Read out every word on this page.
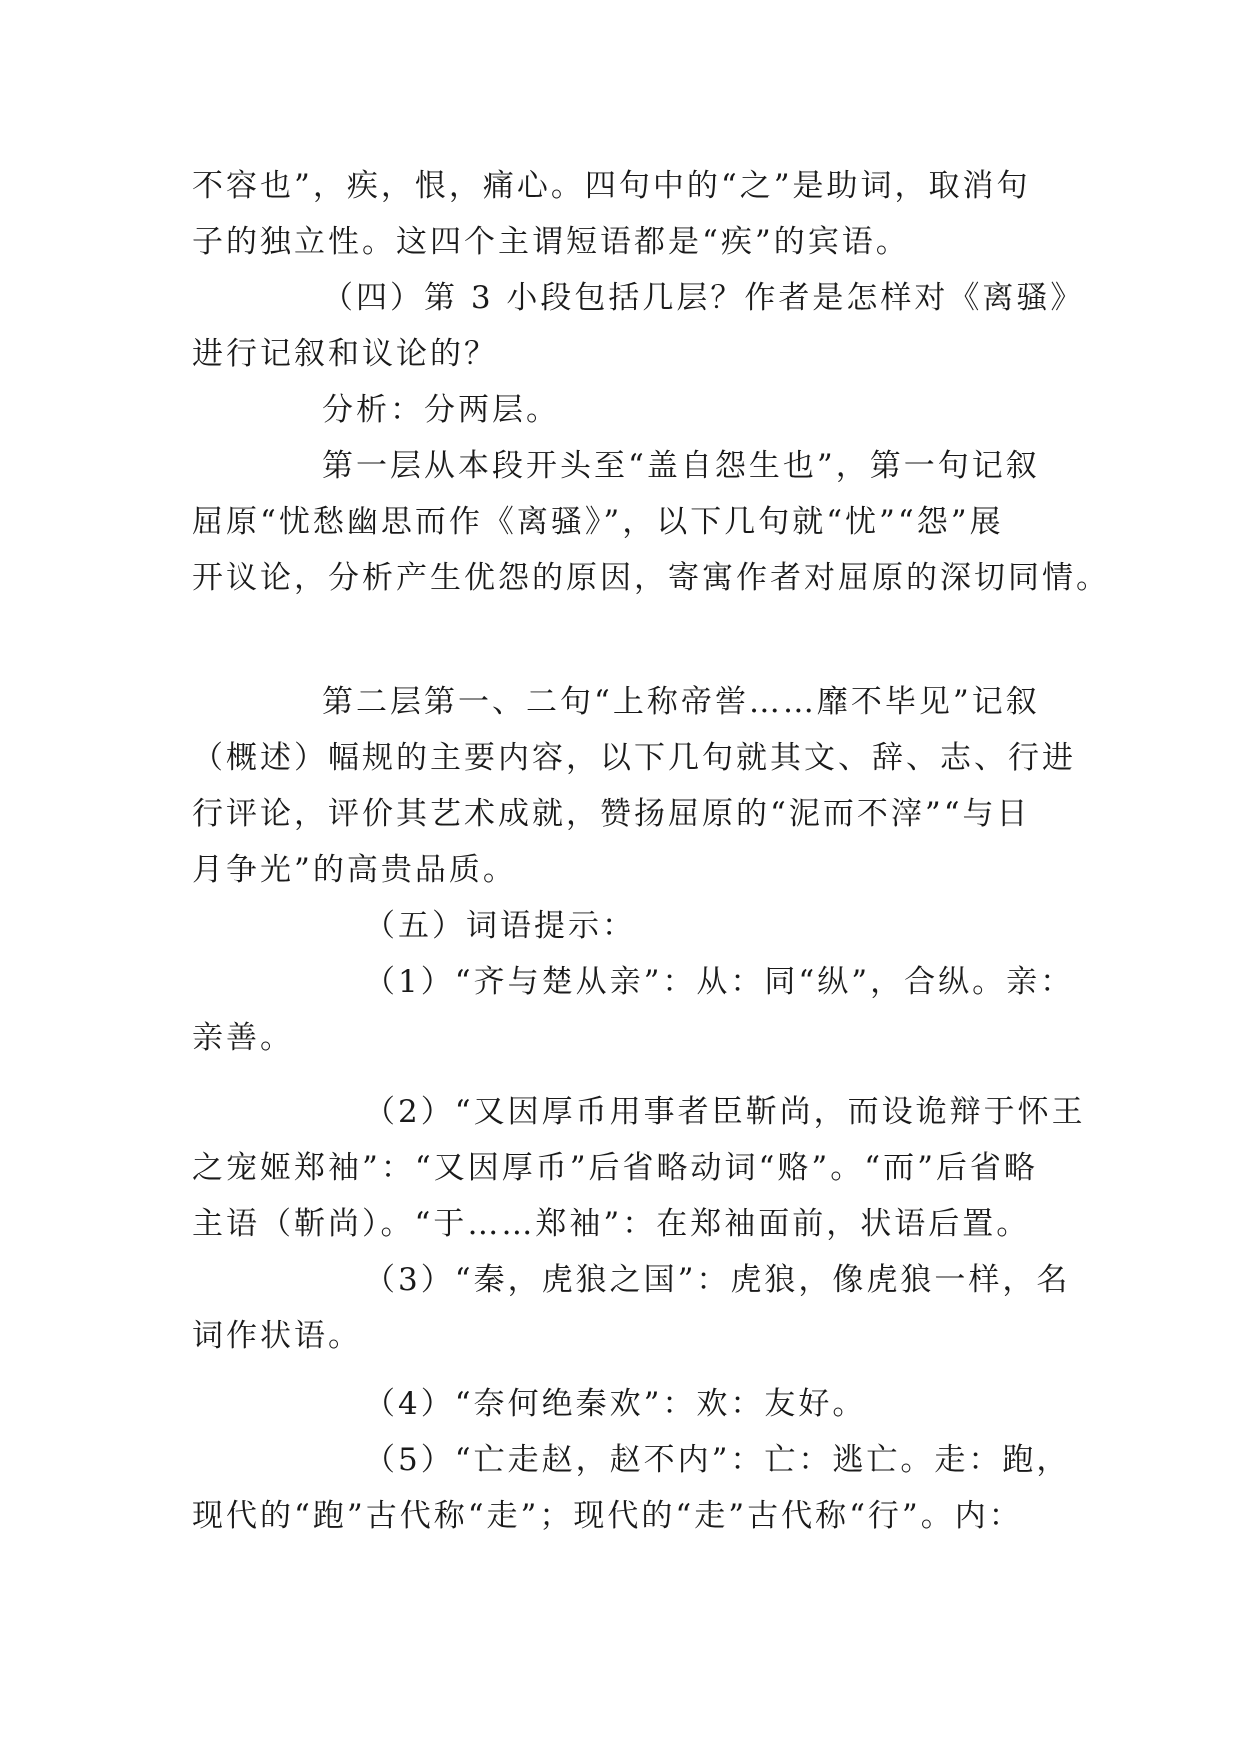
不容也”，疾，恨，痛心。四句中的“之”是助词，取消句
子的独立性。这四个主谓短语都是“疾”的宾语。
（四）第 3 小段包括几层？作者是怎样对《离骚》
进行记叙和议论的？
分析：分两层。
第一层从本段开头至“盖自怨生也”，第一句记叙
屈原“忧愁幽思而作《离骚》”，以下几句就“忧”“怨”展
开议论，分析产生优怨的原因，寄寓作者对屈原的深切同情。
第二层第一、二句“上称帝喾……靡不毕见”记叙
（概述）幅规的主要内容，以下几句就其文、辞、志、行进
行评论，评价其艺术成就，赞扬屈原的“泥而不滓”“与日
月争光”的高贵品质。
（五）词语提示：
（1）“齐与楚从亲”：从：同“纵”，合纵。亲：
亲善。
（2）“又因厚币用事者臣靳尚，而设诡辩于怀王
之宠姬郑袖”：“又因厚币”后省略动词“赂”。“而”后省略
主语（靳尚）。“于……郑袖”：在郑袖面前，状语后置。
（3）“秦，虎狼之国”：虎狼，像虎狼一样，名
词作状语。
（4）“奈何绝秦欢”：欢：友好。
（5）“亡走赵，赵不内”：亡：逃亡。走：跑，
现代的“跑”古代称“走”；现代的“走”古代称“行”。内：
